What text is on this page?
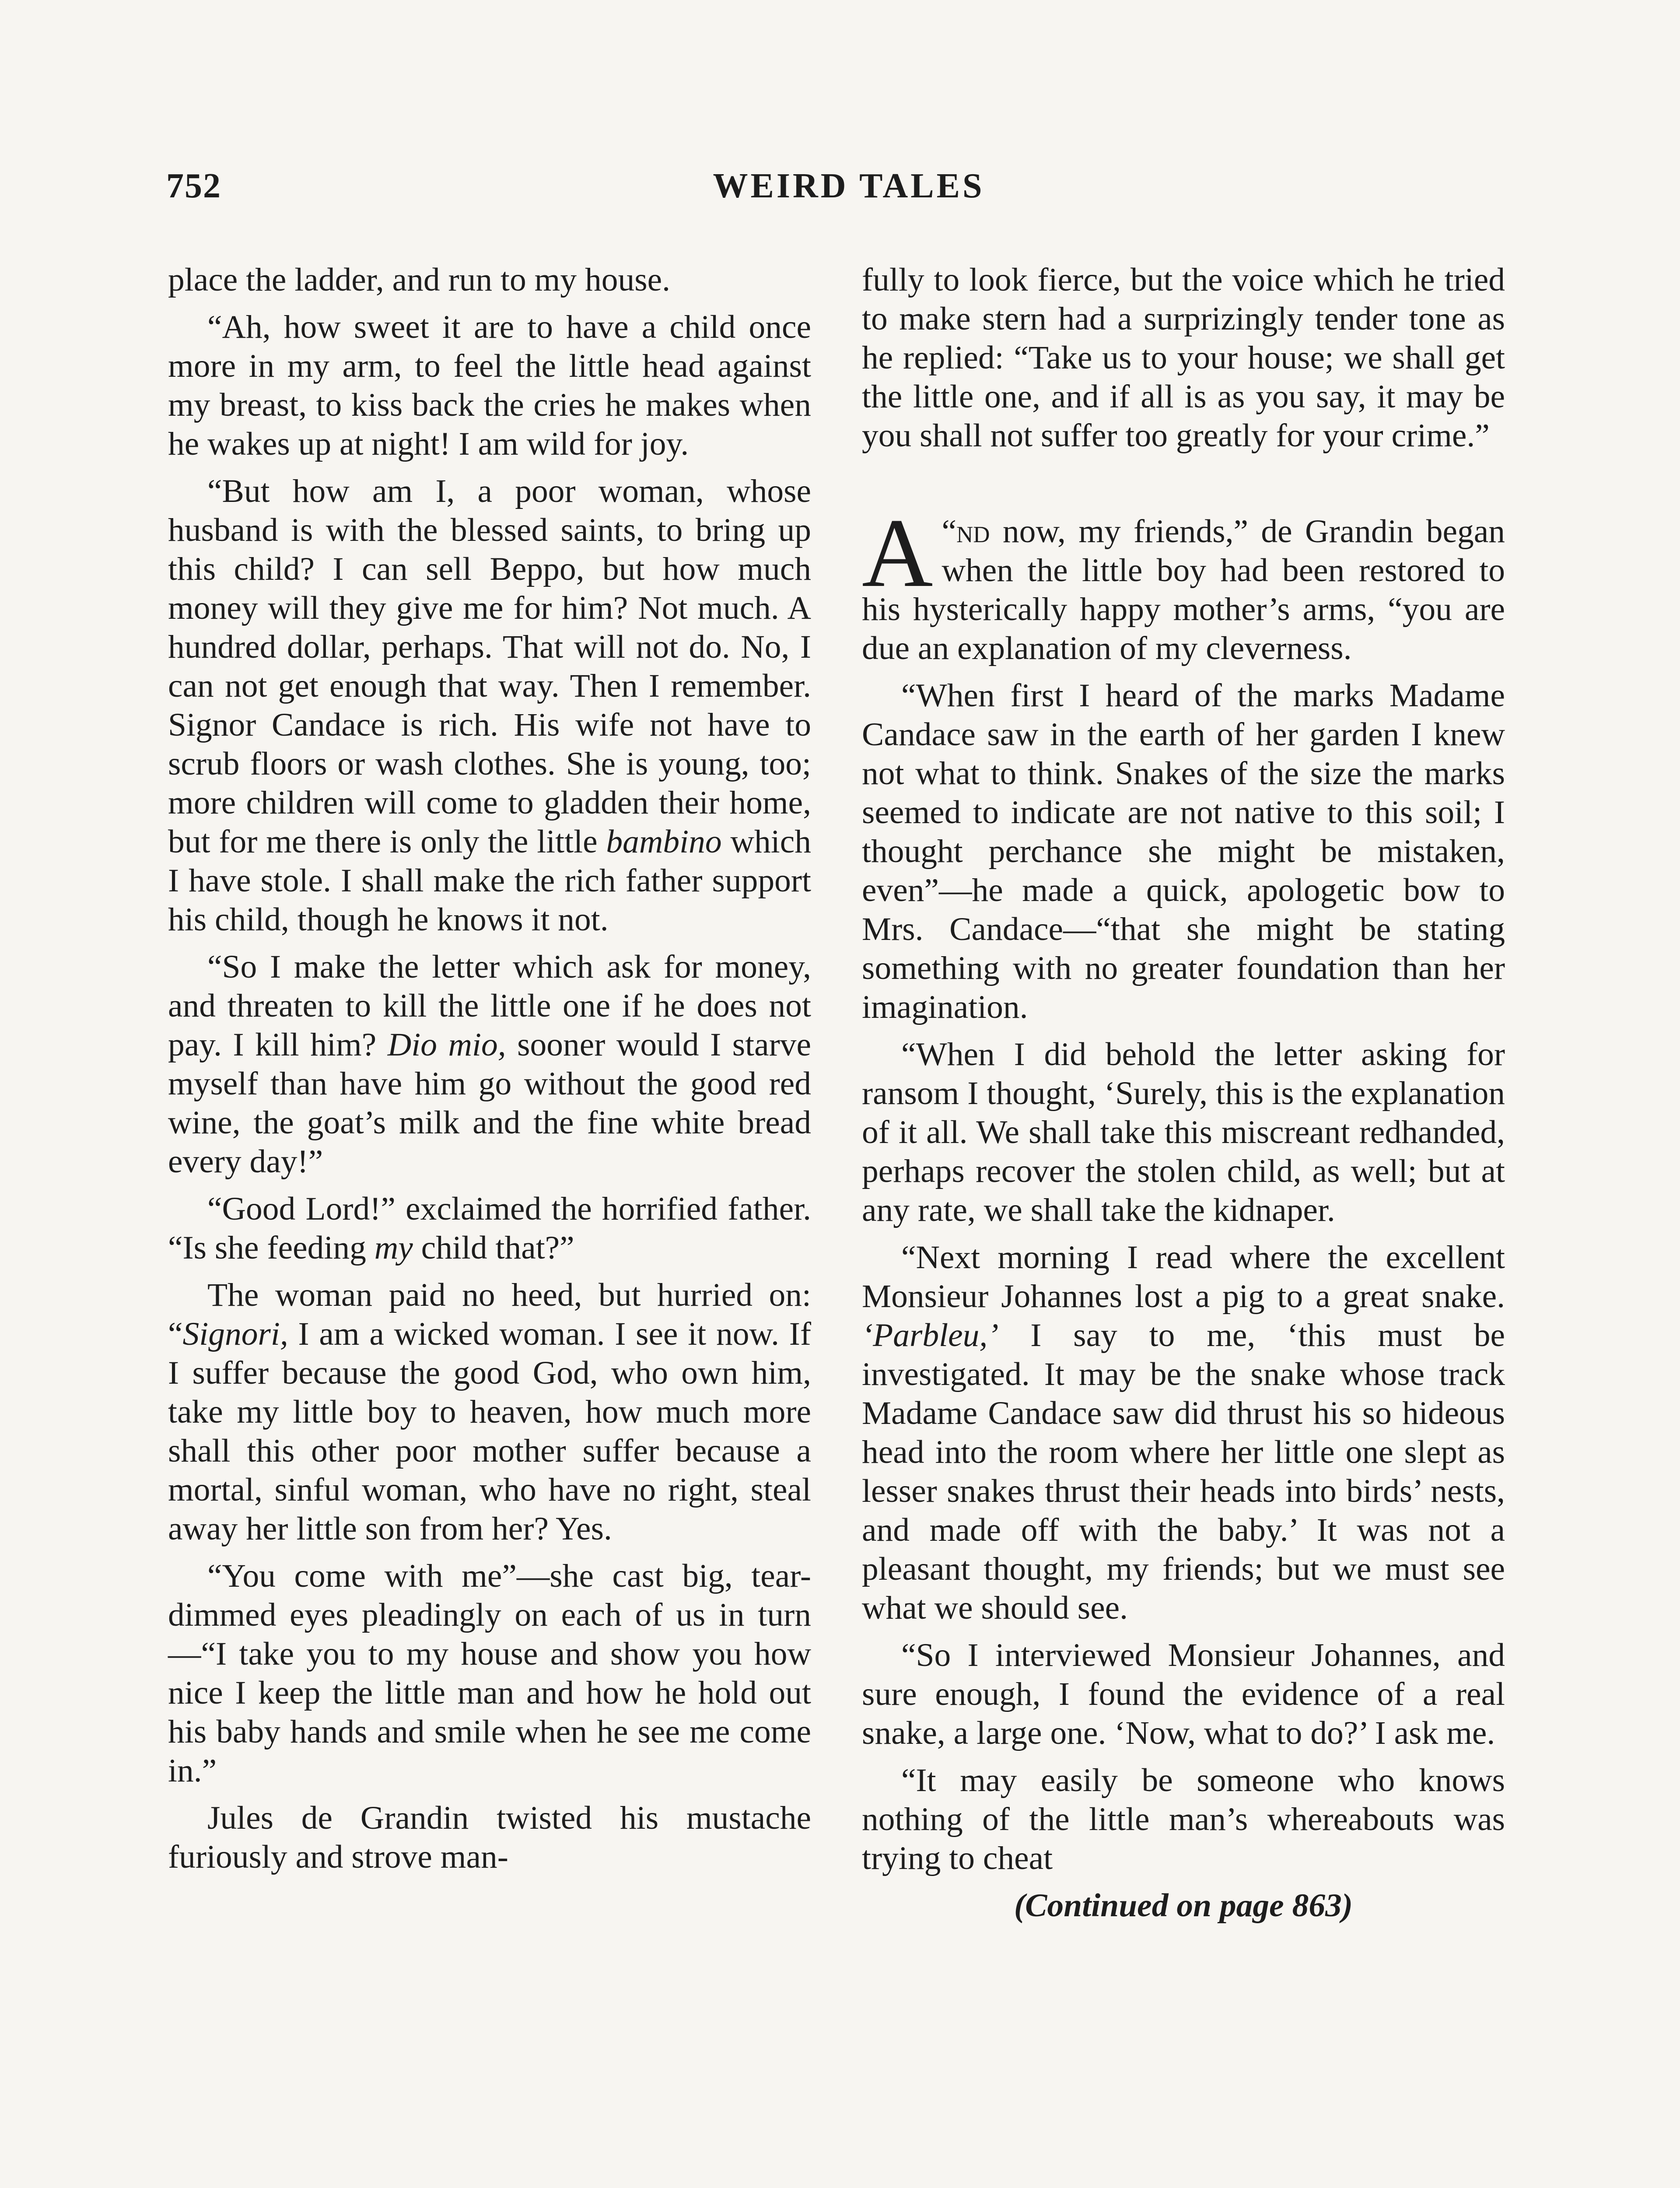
752	WEIRD TALES

place the ladder, and run to my house.

“Ah, how sweet it are to have a child once more in my arm, to feel the little head against my breast, to kiss back the cries he makes when he wakes up at night! I am wild for joy.

“But how am I, a poor woman, whose husband is with the blessed saints, to bring up this child? I can sell Beppo, but how much money will they give me for him? Not much. A hundred dollar, perhaps. That will not do. No, I can not get enough that way. Then I remember. Signor Candace is rich. His wife not have to scrub floors or wash clothes. She is young, too; more children will come to gladden their home, but for me there is only the little bambino which I have stole. I shall make the rich father support his child, though he knows it not.

“So I make the letter which ask for money, and threaten to kill the little one if he does not pay. I kill him? Dio mio, sooner would I starve myself than have him go without the good red wine, the goat’s milk and the fine white bread every day!”

“Good Lord!” exclaimed the horrified father. “Is she feeding my child that?”

The woman paid no heed, but hurried on: “Signori, I am a wicked woman. I see it now. If I suffer because the good God, who own him, take my little boy to heaven, how much more shall this other poor mother suffer because a mortal, sinful woman, who have no right, steal away her little son from her? Yes.

“You come with me”—she cast big, tear-dimmed eyes pleadingly on each of us in turn—“I take you to my house and show you how nice I keep the little man and how he hold out his baby hands and smile when he see me come in.”

Jules de Grandin twisted his mustache furiously and strove man-

fully to look fierce, but the voice which he tried to make stern had a surprizingly tender tone as he replied: “Take us to your house; we shall get the little one, and if all is as you say, it may be you shall not suffer too greatly for your crime.”

“
A nd now, my friends,” de Grandin began when the little boy had been restored to his hysterically happy mother’s arms, “you are due an explanation of my cleverness.

“When first I heard of the marks Madame Candace saw in the earth of her garden I knew not what to think. Snakes of the size the marks seemed to indicate are not native to this soil; I thought perchance she might be mistaken, even”—he made a quick, apologetic bow to Mrs. Candace—“that she might be stating something with no greater foundation than her imagination.

“When I did behold the letter asking for ransom I thought, ‘Surely, this is the explanation of it all. We shall take this miscreant redhanded, perhaps recover the stolen child, as well; but at any rate, we shall take the kidnaper.

“Next morning I read where the excellent Monsieur Johannes lost a pig to a great snake. ‘Parbleu,’ I say to me, ‘this must be investigated. It may be the snake whose track Madame Candace saw did thrust his so hideous head into the room where her little one slept as lesser snakes thrust their heads into birds’ nests, and made off with the baby.’ It was not a pleasant thought, my friends; but we must see what we should see.

“So I interviewed Monsieur Johannes, and sure enough, I found the evidence of a real snake, a large one. ‘Now, what to do?’ I ask me.

“It may easily be someone who knows nothing of the little man’s whereabouts was trying to cheat

(Continued on page 863)
